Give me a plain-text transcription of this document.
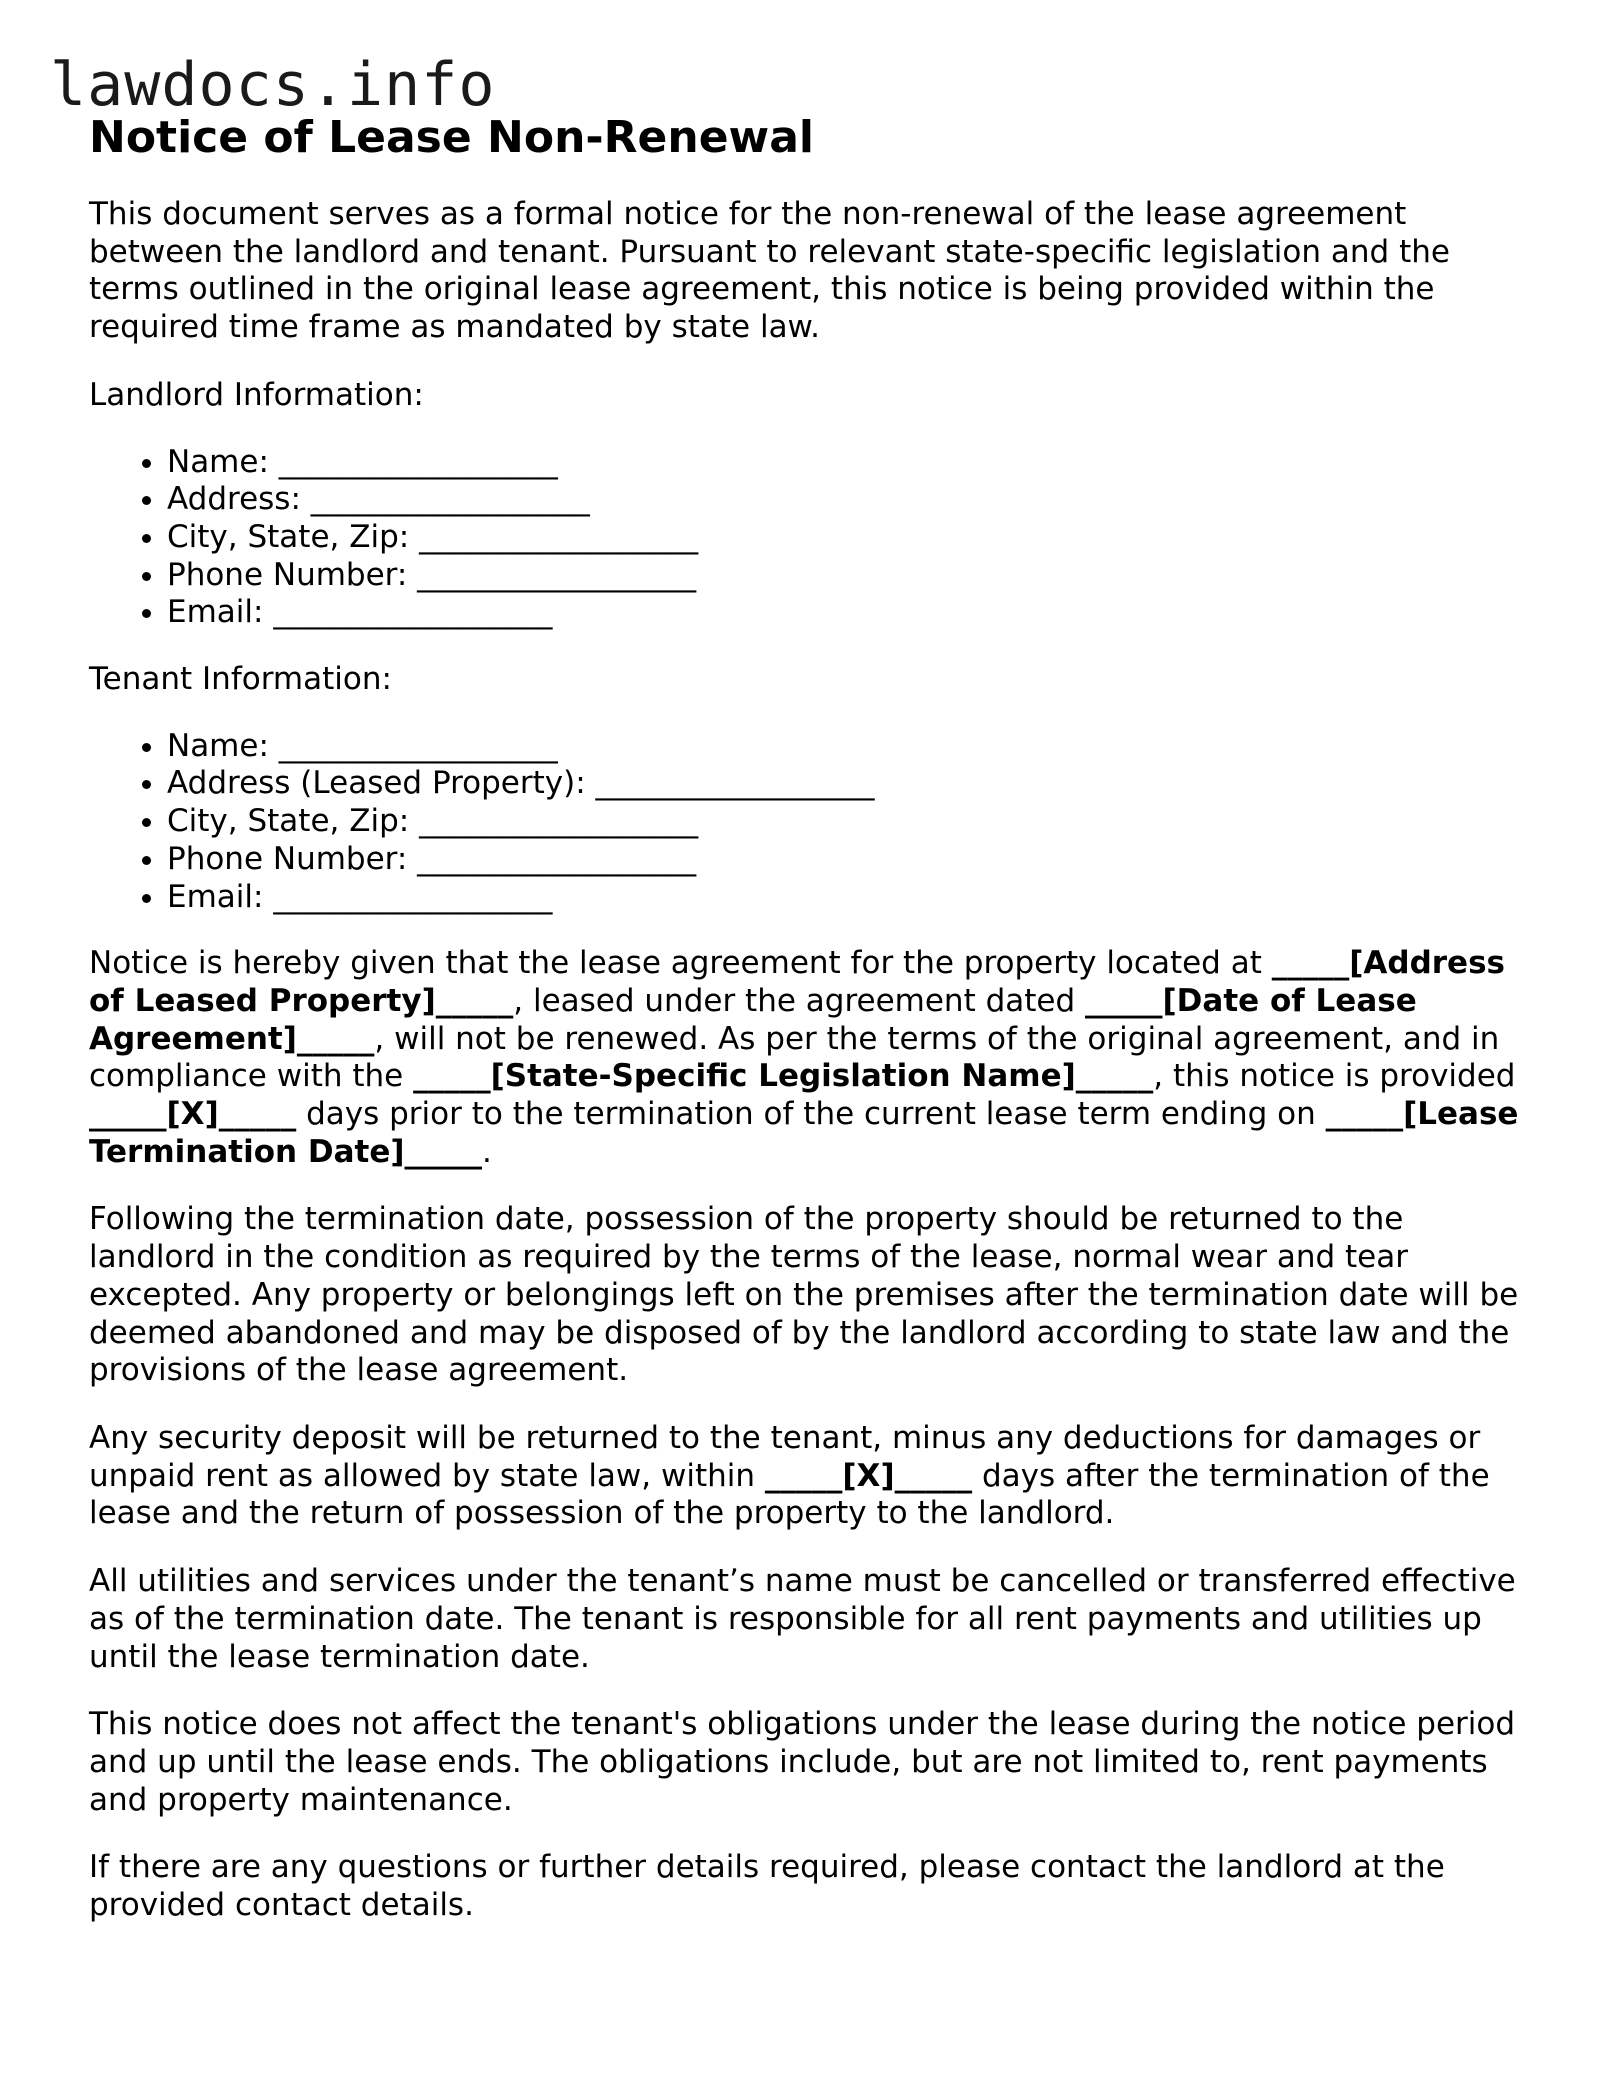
lawdocs.info
Notice of Lease Non-Renewal

This document serves as a formal notice for the non-renewal of the lease agreement between the landlord and tenant. Pursuant to relevant state-specific legislation and the terms outlined in the original lease agreement, this notice is being provided within the required time frame as mandated by state law.

Landlord Information:

• Name: __________________
• Address: __________________
• City, State, Zip: __________________
• Phone Number: __________________
• Email: __________________

Tenant Information:

• Name: __________________
• Address (Leased Property): __________________
• City, State, Zip: __________________
• Phone Number: __________________
• Email: __________________

Notice is hereby given that the lease agreement for the property located at _____[Address of Leased Property]_____, leased under the agreement dated _____[Date of Lease Agreement]_____, will not be renewed. As per the terms of the original agreement, and in compliance with the _____[State-Specific Legislation Name]_____, this notice is provided _____[X]_____ days prior to the termination of the current lease term ending on _____[Lease Termination Date]_____.

Following the termination date, possession of the property should be returned to the landlord in the condition as required by the terms of the lease, normal wear and tear excepted. Any property or belongings left on the premises after the termination date will be deemed abandoned and may be disposed of by the landlord according to state law and the provisions of the lease agreement.

Any security deposit will be returned to the tenant, minus any deductions for damages or unpaid rent as allowed by state law, within _____[X]_____ days after the termination of the lease and the return of possession of the property to the landlord.

All utilities and services under the tenant’s name must be cancelled or transferred effective as of the termination date. The tenant is responsible for all rent payments and utilities up until the lease termination date.

This notice does not affect the tenant's obligations under the lease during the notice period and up until the lease ends. The obligations include, but are not limited to, rent payments and property maintenance.

If there are any questions or further details required, please contact the landlord at the provided contact details.
